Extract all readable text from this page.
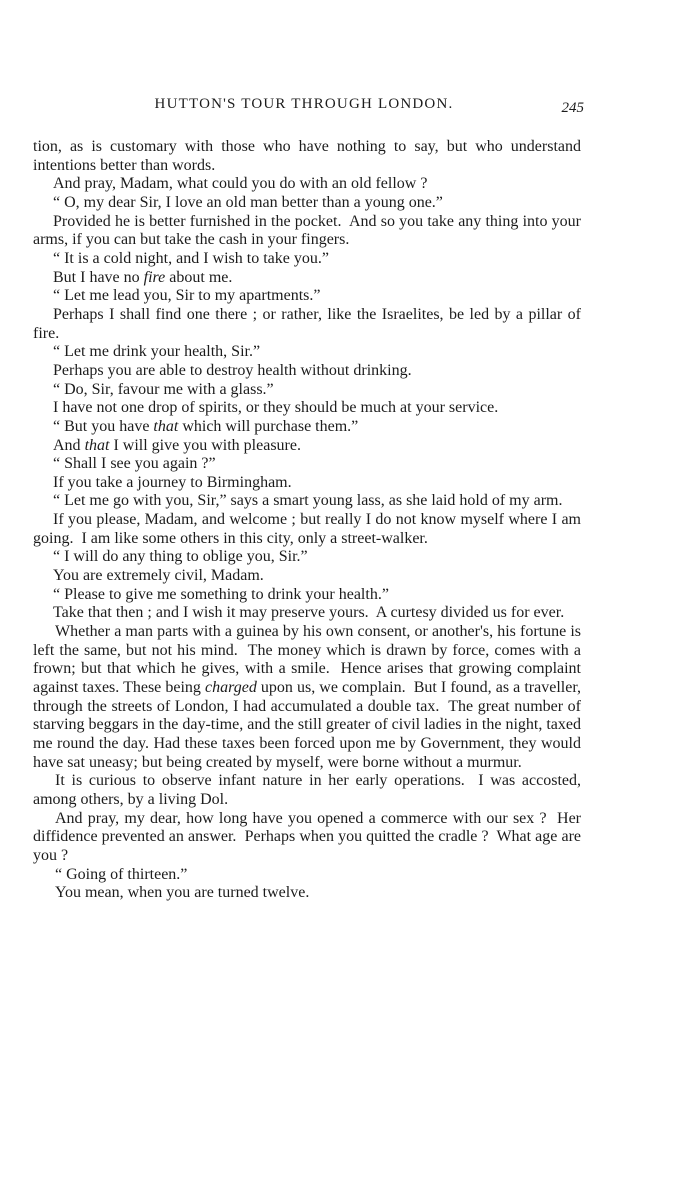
HUTTON'S TOUR THROUGH LONDON.	245

tion, as is customary with those who have nothing to say, but who understand intentions better than words.

And pray, Madam, what could you do with an old fellow ?

“ O, my dear Sir, I love an old man better than a young one.”

Provided he is better furnished in the pocket.  And so you take any thing into your arms, if you can but take the cash in your fingers.

“ It is a cold night, and I wish to take you.”

But I have no fire about me.

“ Let me lead you, Sir to my apartments.”

Perhaps I shall find one there ; or rather, like the Israelites, be led by a pillar of fire.

“ Let me drink your health, Sir.”

Perhaps you are able to destroy health without drinking.

“ Do, Sir, favour me with a glass.”

I have not one drop of spirits, or they should be much at your service.

“ But you have that which will purchase them.”

And that I will give you with pleasure.

“ Shall I see you again ?”

If you take a journey to Birmingham.

“ Let me go with you, Sir,” says a smart young lass, as she laid hold of my arm.

If you please, Madam, and welcome ; but really I do not know myself where I am going.  I am like some others in this city, only a street-walker.

“ I will do any thing to oblige you, Sir.”

You are extremely civil, Madam.

“ Please to give me something to drink your health.”

Take that then ; and I wish it may preserve yours.  A curtesy divided us for ever.

Whether a man parts with a guinea by his own consent, or another's, his fortune is left the same, but not his mind.  The money which is drawn by force, comes with a frown; but that which he gives, with a smile.  Hence arises that growing complaint against taxes. These being charged upon us, we complain.  But I found, as a traveller, through the streets of London, I had accumulated a double tax.  The great number of starving beggars in the day-time, and the still greater of civil ladies in the night, taxed me round the day. Had these taxes been forced upon me by Government, they would have sat uneasy; but being created by myself, were borne without a murmur.

It is curious to observe infant nature in her early operations.  I was accosted, among others, by a living Dol.

And pray, my dear, how long have you opened a commerce with our sex ?  Her diffidence prevented an answer.  Perhaps when you quitted the cradle ?  What age are you ?

“ Going of thirteen.”

You mean, when you are turned twelve.
